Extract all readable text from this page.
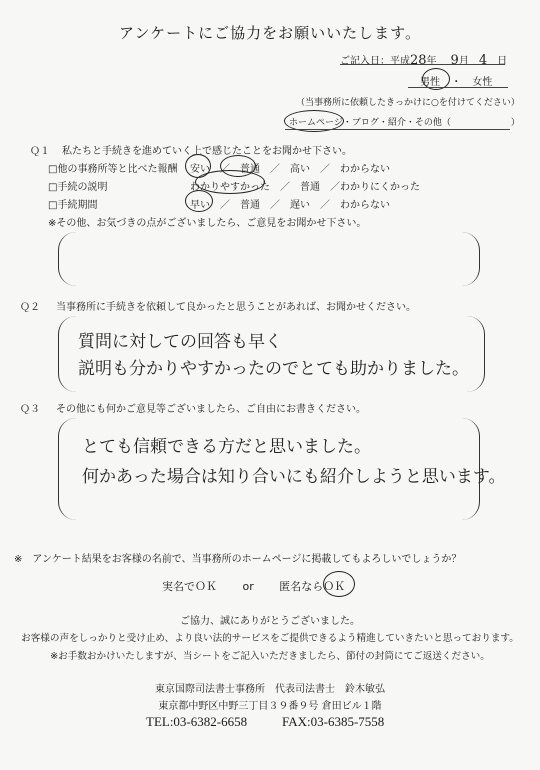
アンケートにご協力をお願いいたします。
ご記入日：平成28年 9月 4 日
男性 ・ 女性
（当事務所に依頼したきっかけに○を付けてください）
ホームページ・ブログ・紹介・その他（	）
Ｑ１ 私たちと手続きを進めていく上で感じたことをお聞かせ下さい。
□他の事務所等と比べた報酬 安い　／　普通　／　高い　／　わからない
□手続の説明	わかりやすかった　／　普通　／わかりにくかった
□手続期間	早い　／　普通　／　遅い　／　わからない
※その他、お気づきの点がございましたら、ご意見をお聞かせ下さい。
Ｑ２ 当事務所に手続きを依頼して良かったと思うことがあれば、お聞かせください。
質問に対しての回答も早く
説明も分かりやすかったのでとても助かりました。
Ｑ３ その他にも何かご意見等ございましたら、ご自由にお書きください。
とても信頼できる方だと思いました。
何かあった場合は知り合いにも紹介しようと思います。
※　アンケート結果をお客様の名前で、当事務所のホームページに掲載してもよろしいでしょうか？
実名でＯＫ or 匿名ならＯＫ
ご協力、誠にありがとうございました。
お客様の声をしっかりと受け止め、より良い法的サービスをご提供できるよう精進していきたいと思っております。
※お手数おかけいたしますが、当シートをご記入いただきましたら、節付の封筒にてご返送ください。
東京国際司法書士事務所　代表司法書士　鈴木敏弘
東京都中野区中野三丁目３９番９号 倉田ビル１階
TEL:03-6382-6658	FAX:03-6385-7558
